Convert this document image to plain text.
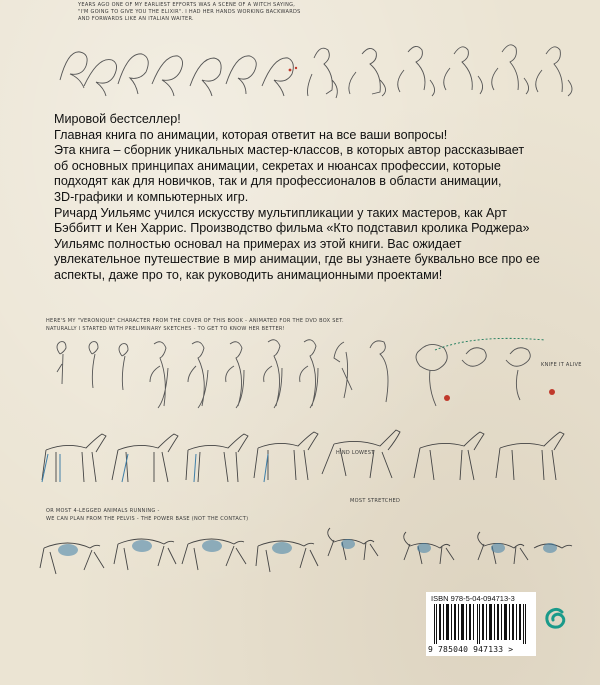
YEARS AGO ONE OF MY EARLIEST EFFORTS WAS A SCENE OF A WITCH SAYING,
"I'M GOING TO GIVE YOU THE ELIXIR". I HAD HER HANDS WORKING BACKWARDS
AND FORWARDS LIKE AN ITALIAN WAITER.

Мировой бестселлер!

Главная книга по анимации, которая ответит на все ваши вопросы!

Эта книга – сборник уникальных мастер-классов, в которых автор рассказывает

об основных принципах анимации, секретах и нюансах профессии, которые

подходят как для новичков, так и для профессионалов в области анимации,

3D-графики и компьютерных игр.

Ричард Уильямс учился искусству мультипликации у таких мастеров, как Арт

Бэббитт и Кен Харрис. Производство фильма «Кто подставил кролика Роджера»

Уильямс полностью основал на примерах из этой книги. Вас ожидает

увлекательное путешествие в мир анимации, где вы узнаете буквально все про ее

аспекты, даже про то, как руководить анимационными проектами!

HERE'S MY "VERONIQUE" CHARACTER FROM THE COVER OF THIS BOOK - ANIMATED FOR THE DVD BOX SET.
NATURALLY I STARTED WITH PRELIMINARY SKETCHES - TO GET TO KNOW HER BETTER!
KNIFE IT ALIVE
HIND LOWEST
MOST STRETCHED
OR MOST 4-LEGGED ANIMALS RUNNING -
WE CAN PLAN FROM THE PELVIS - THE POWER BASE (NOT THE CONTACT)
ISBN 978-5-04-094713-3
9 785040 947133 >
